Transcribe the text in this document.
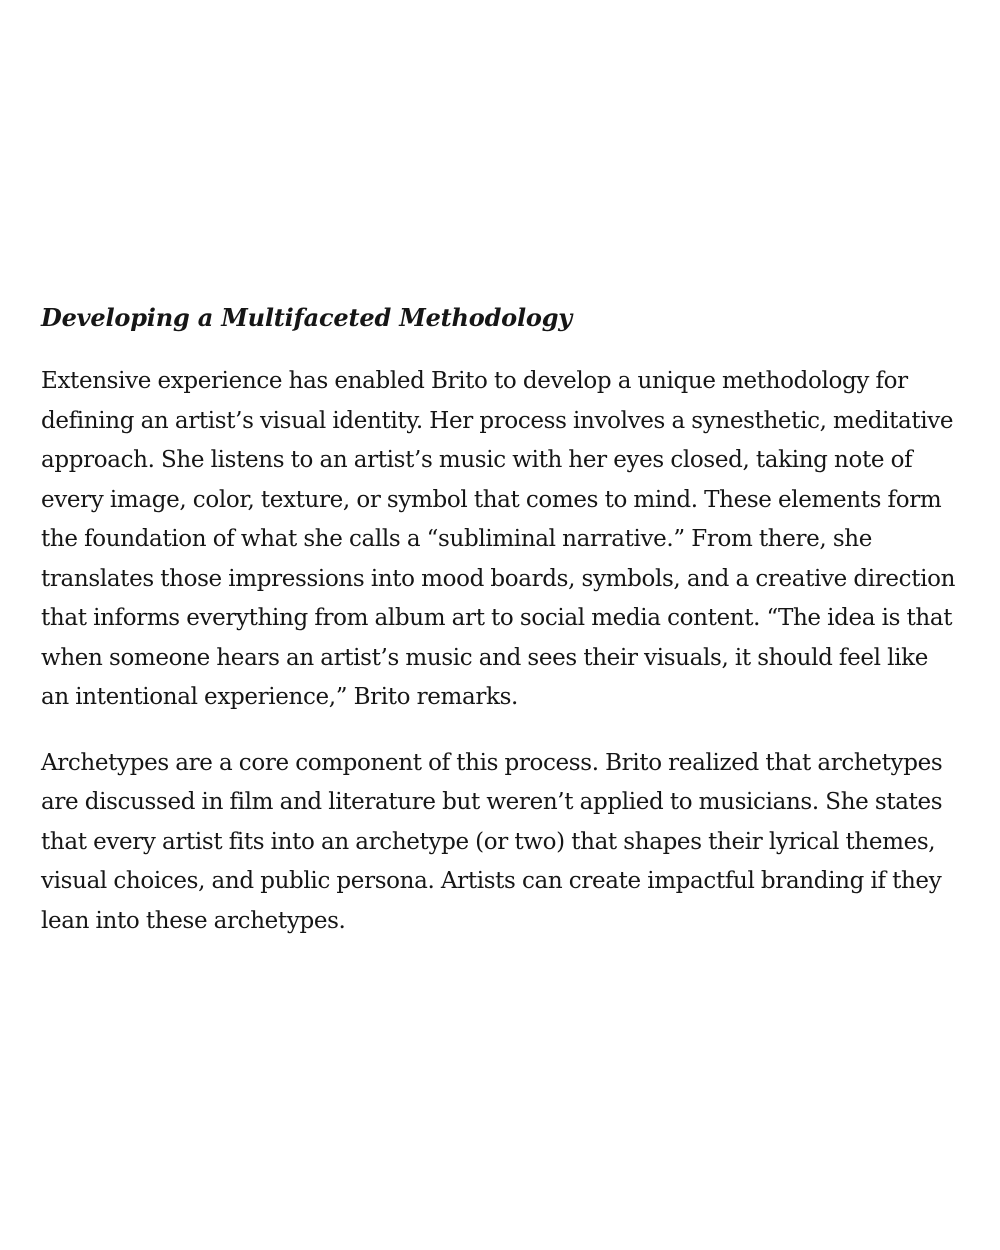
Developing a Multifaceted Methodology

Extensive experience has enabled Brito to develop a unique methodology for defining an artist’s visual identity. Her process involves a synesthetic, meditative approach. She listens to an artist’s music with her eyes closed, taking note of every image, color, texture, or symbol that comes to mind. These elements form the foundation of what she calls a “subliminal narrative.” From there, she translates those impressions into mood boards, symbols, and a creative direction that informs everything from album art to social media content. “The idea is that when someone hears an artist’s music and sees their visuals, it should feel like an intentional experience,” Brito remarks.

Archetypes are a core component of this process. Brito realized that archetypes are discussed in film and literature but weren’t applied to musicians. She states that every artist fits into an archetype (or two) that shapes their lyrical themes, visual choices, and public persona. Artists can create impactful branding if they lean into these archetypes.
